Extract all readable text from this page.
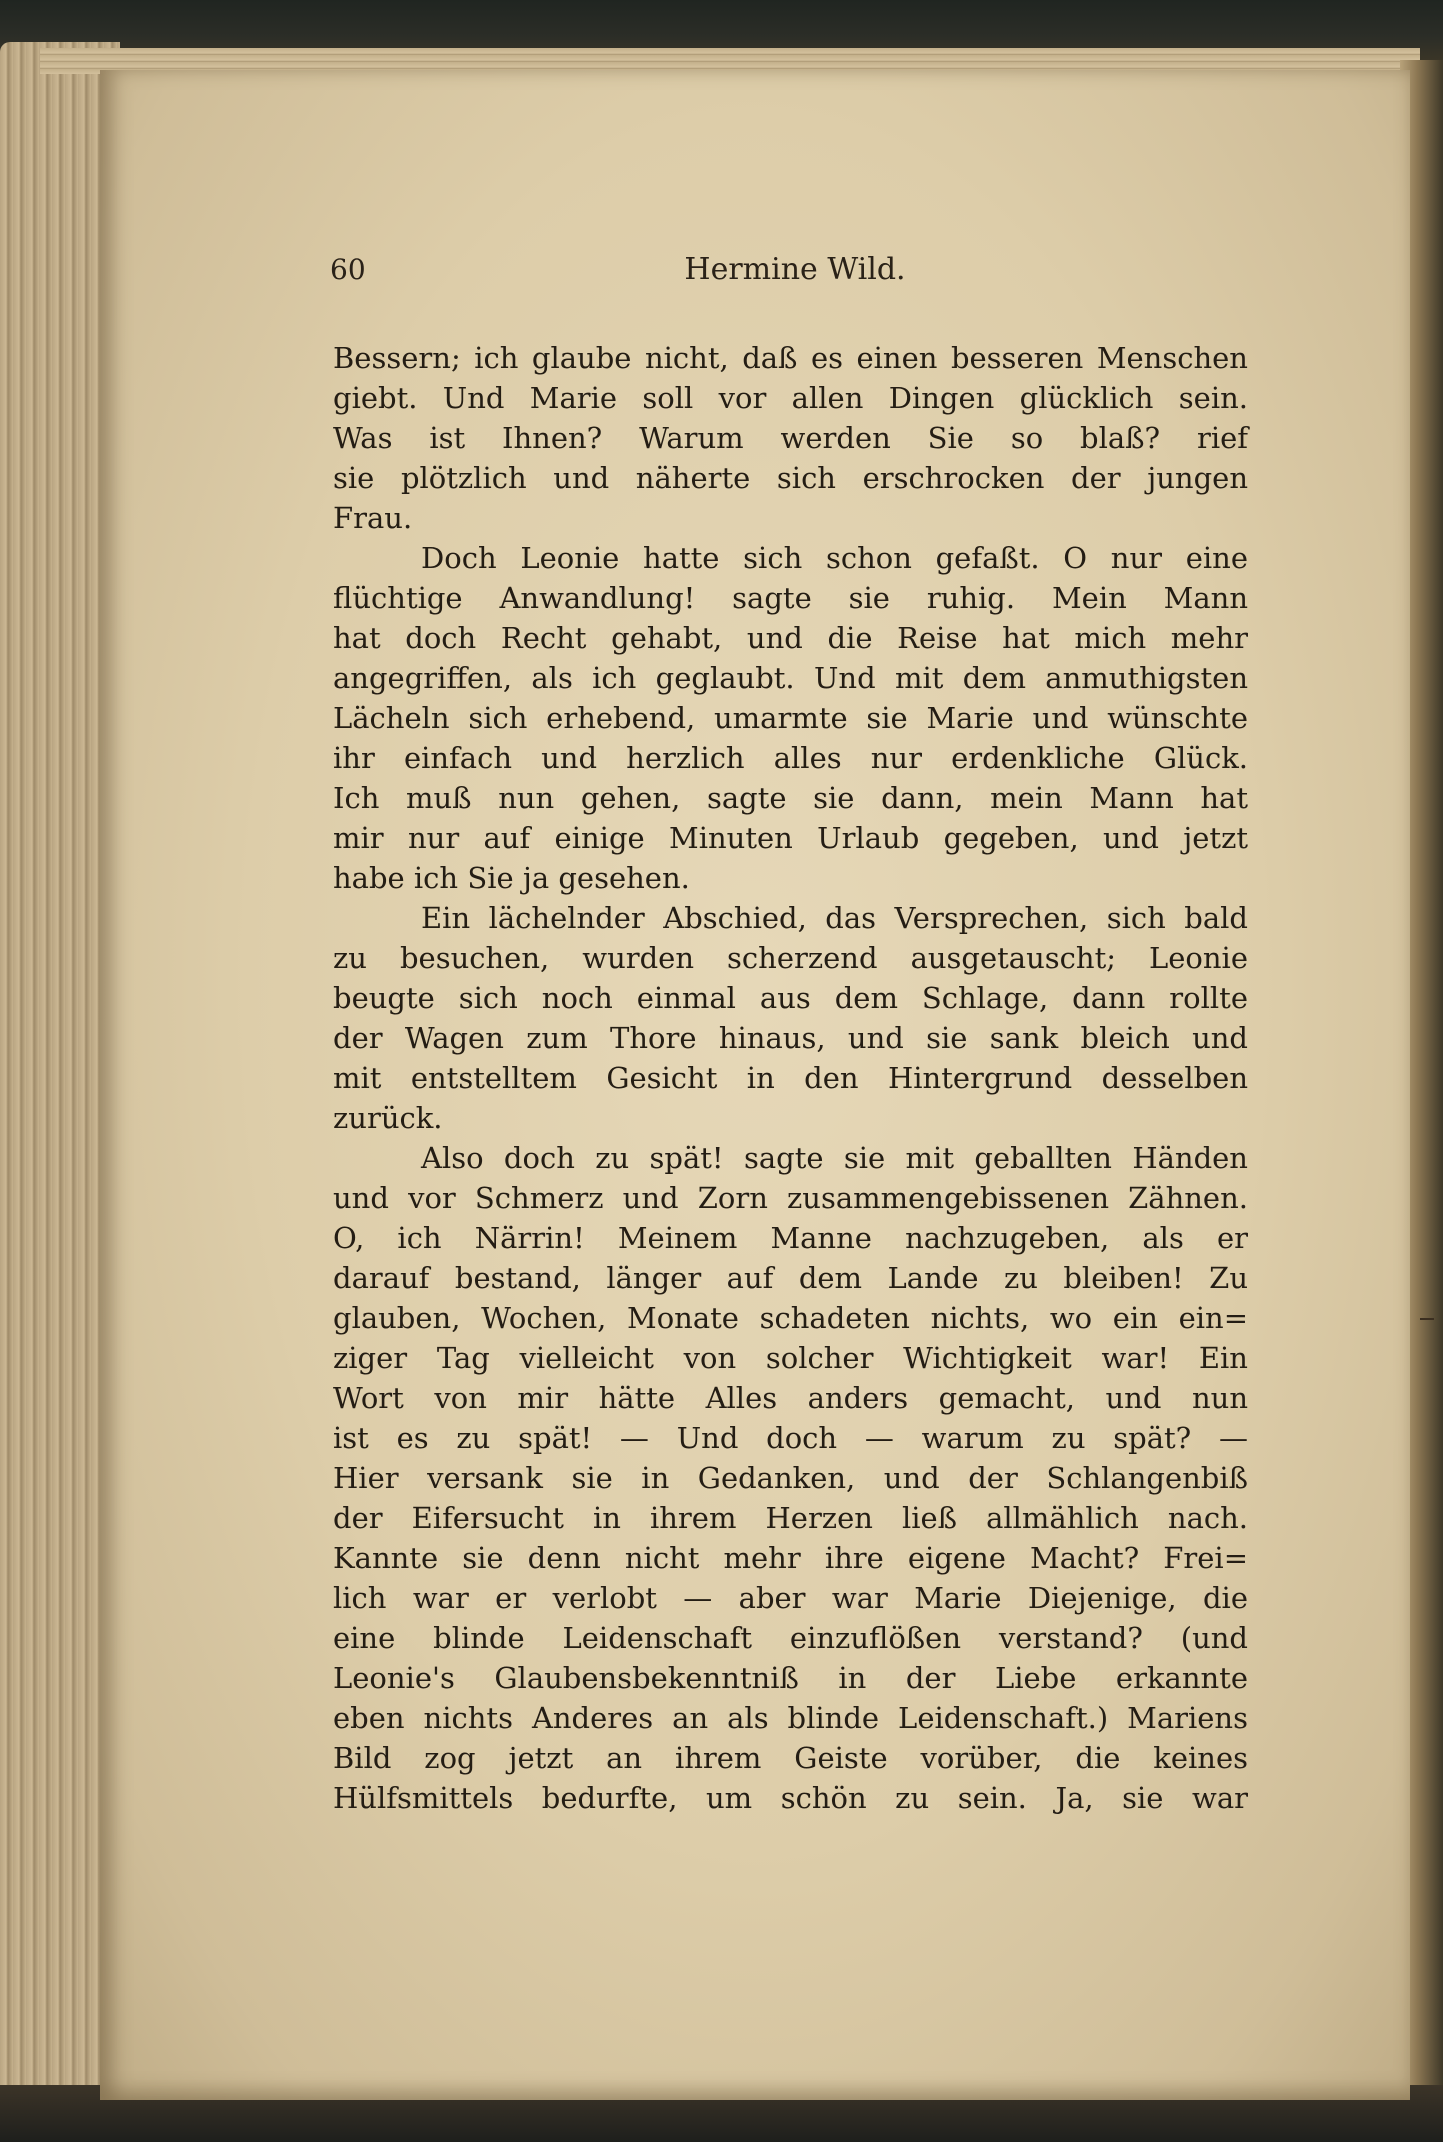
60	Hermine Wild.
Bessern; ich glaube nicht, daß es einen besseren Menschen
giebt. Und Marie soll vor allen Dingen glücklich sein.
Was ist Ihnen? Warum werden Sie so blaß? rief
sie plötzlich und näherte sich erschrocken der jungen
Frau.
Doch Leonie hatte sich schon gefaßt. O nur eine
flüchtige Anwandlung! sagte sie ruhig. Mein Mann
hat doch Recht gehabt, und die Reise hat mich mehr
angegriffen, als ich geglaubt. Und mit dem anmuthigsten
Lächeln sich erhebend, umarmte sie Marie und wünschte
ihr einfach und herzlich alles nur erdenkliche Glück.
Ich muß nun gehen, sagte sie dann, mein Mann hat
mir nur auf einige Minuten Urlaub gegeben, und jetzt
habe ich Sie ja gesehen.
Ein lächelnder Abschied, das Versprechen, sich bald
zu besuchen, wurden scherzend ausgetauscht; Leonie
beugte sich noch einmal aus dem Schlage, dann rollte
der Wagen zum Thore hinaus, und sie sank bleich und
mit entstelltem Gesicht in den Hintergrund desselben
zurück.
Also doch zu spät! sagte sie mit geballten Händen
und vor Schmerz und Zorn zusammengebissenen Zähnen.
O, ich Närrin! Meinem Manne nachzugeben, als er
darauf bestand, länger auf dem Lande zu bleiben! Zu
glauben, Wochen, Monate schadeten nichts, wo ein ein=
ziger Tag vielleicht von solcher Wichtigkeit war! Ein
Wort von mir hätte Alles anders gemacht, und nun
ist es zu spät! — Und doch — warum zu spät? —
Hier versank sie in Gedanken, und der Schlangenbiß
der Eifersucht in ihrem Herzen ließ allmählich nach.
Kannte sie denn nicht mehr ihre eigene Macht? Frei=
lich war er verlobt — aber war Marie Diejenige, die
eine blinde Leidenschaft einzuflößen verstand? (und
Leonie's Glaubensbekenntniß in der Liebe erkannte
eben nichts Anderes an als blinde Leidenschaft.) Mariens
Bild zog jetzt an ihrem Geiste vorüber, die keines
Hülfsmittels bedurfte, um schön zu sein. Ja, sie war
